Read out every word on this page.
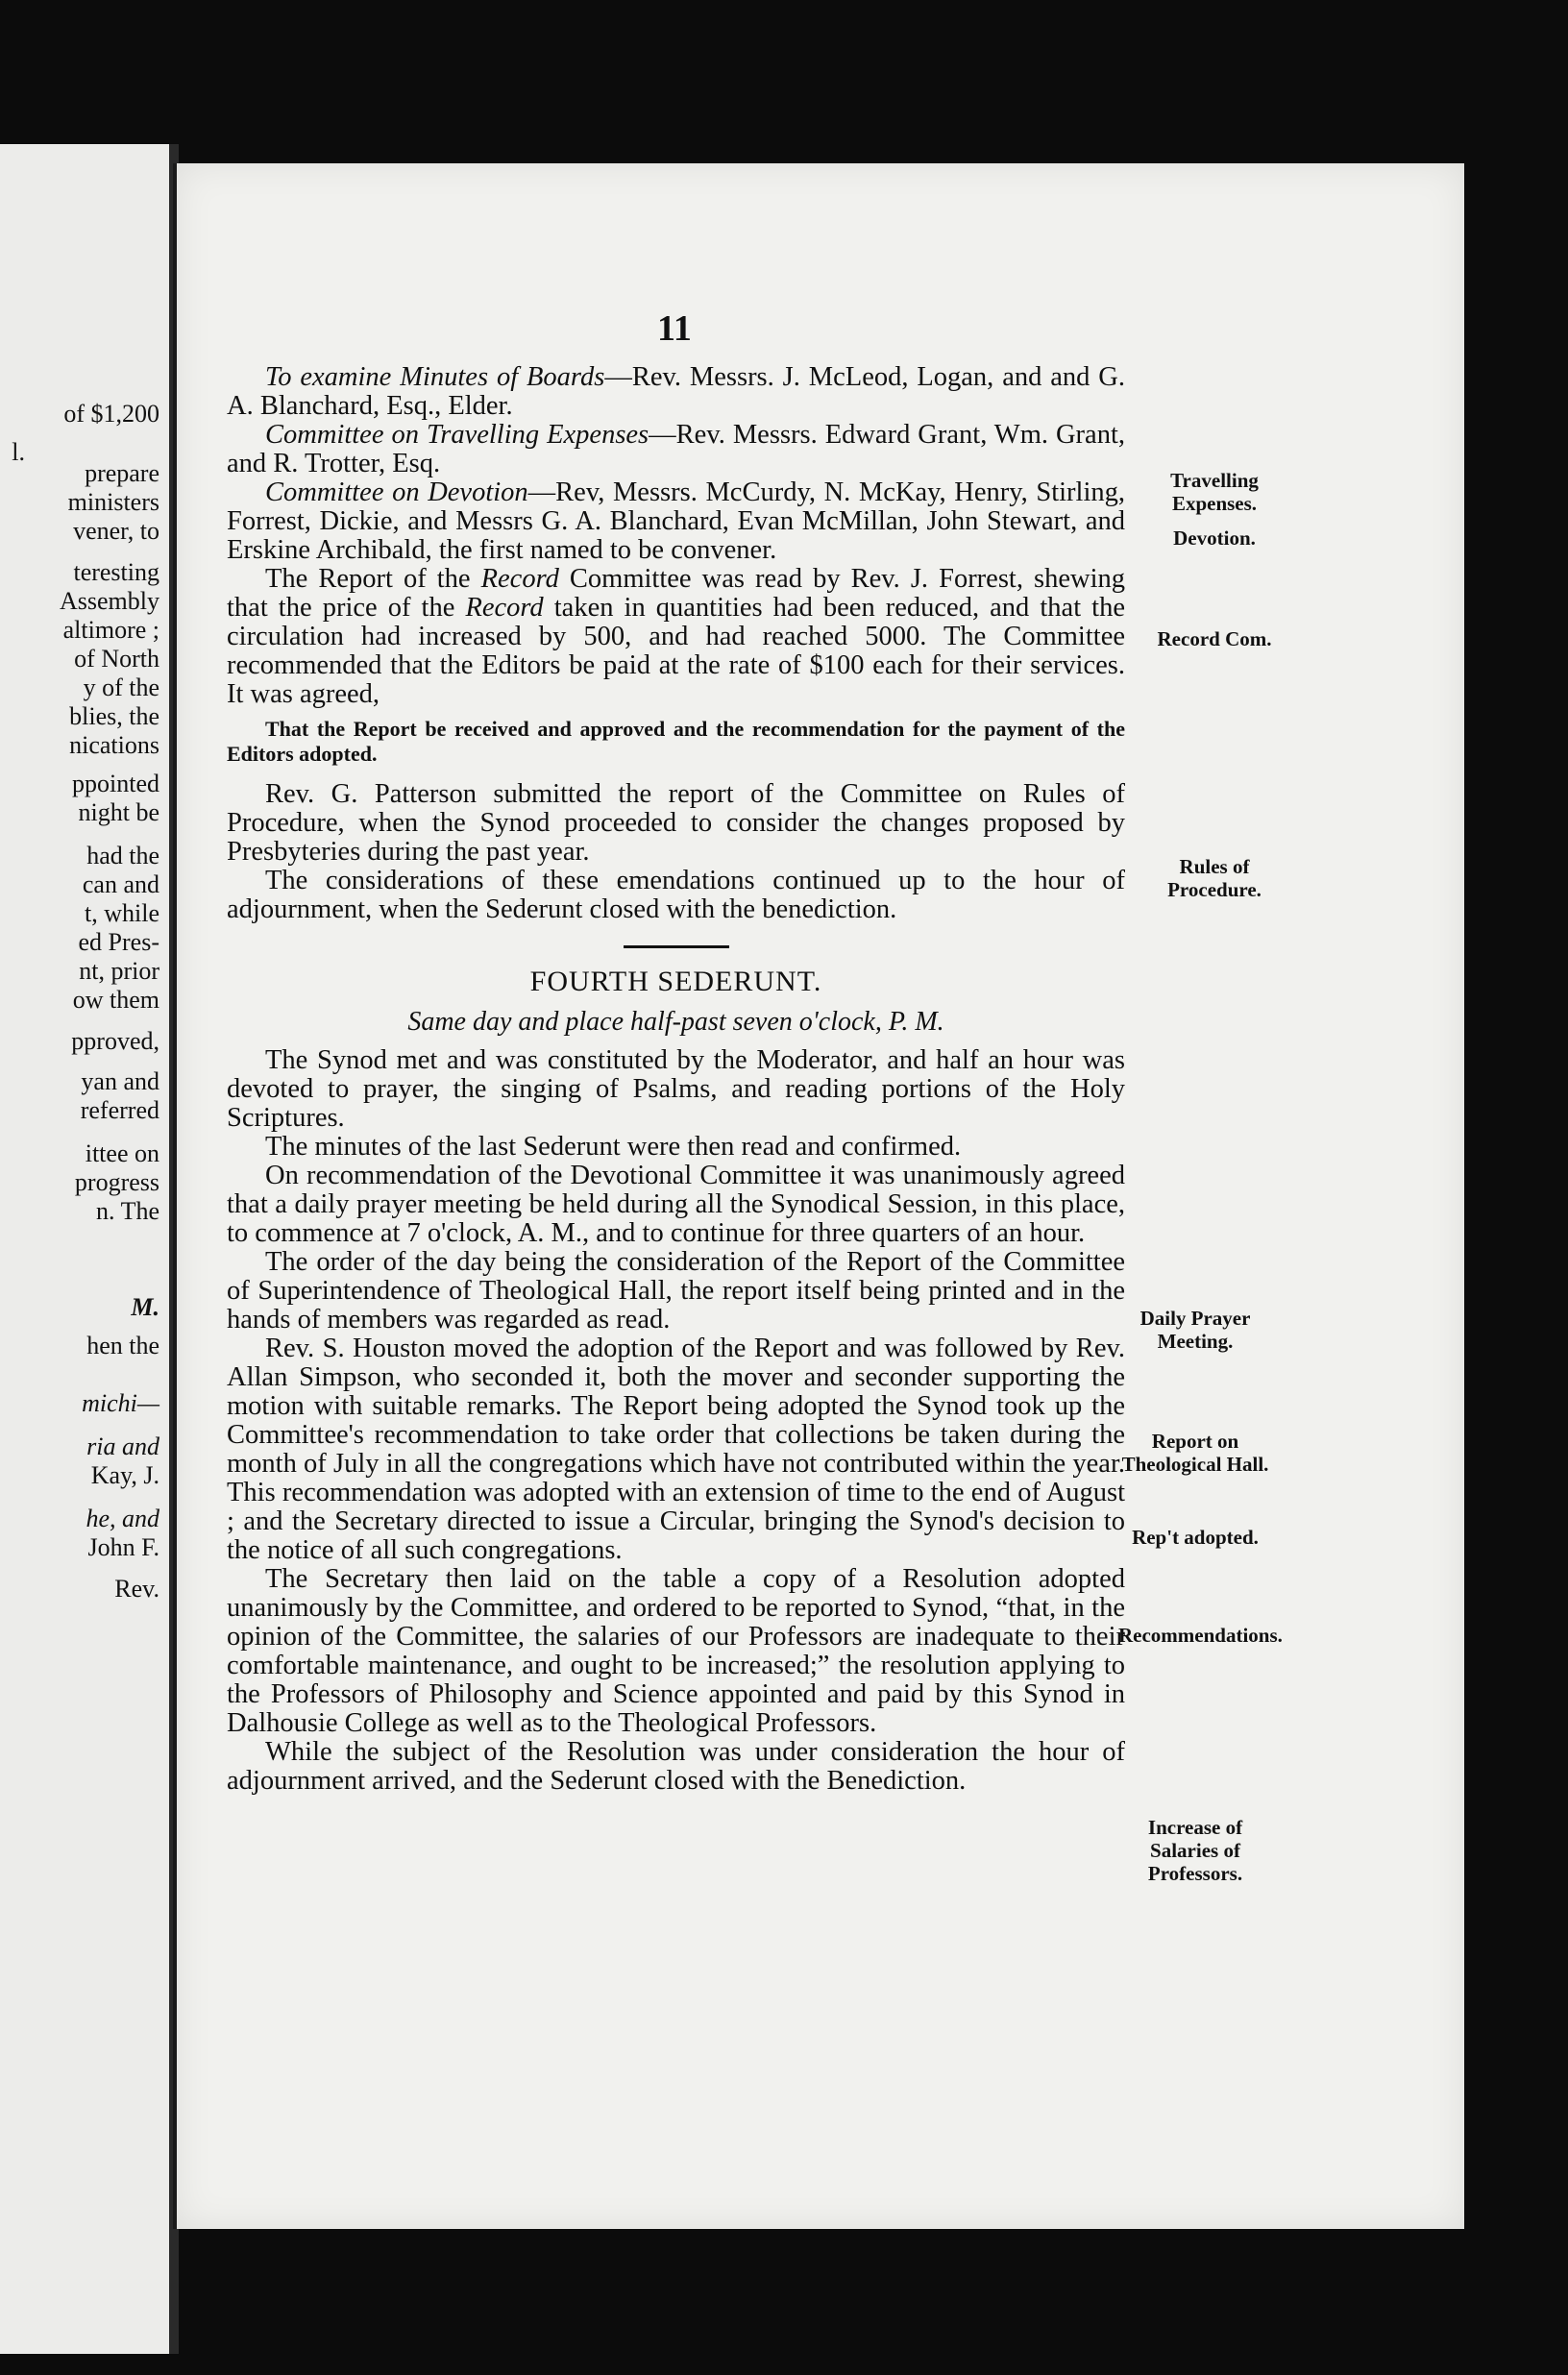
of $1,200
l.
prepare
ministers
vener, to
teresting
Assembly
altimore ;
of North
y of the
blies, the
nications
ppointed
night be
had the
can and
t, while
ed Pres-
nt, prior
ow them
pproved,
yan and
referred
ittee on
progress
n. The
M.
hen the
michi—
ria and
Kay, J.
he, and
John F.
Rev.
11

To examine Minutes of Boards—Rev. Messrs. J. McLeod, Logan, and and G. A. Blanchard, Esq., Elder.

Committee on Travelling Expenses—Rev. Messrs. Edward Grant, Wm. Grant, and R. Trotter, Esq.

Committee on Devotion—Rev, Messrs. McCurdy, N. McKay, Henry, Stirling, Forrest, Dickie, and Messrs G. A. Blanchard, Evan McMillan, John Stewart, and Erskine Archibald, the first named to be convener.

The Report of the Record Committee was read by Rev. J. Forrest, shewing that the price of the Record taken in quantities had been reduced, and that the circulation had increased by 500, and had reached 5000. The Committee recommended that the Editors be paid at the rate of $100 each for their services. It was agreed,

That the Report be received and approved and the recommendation for the payment of the Editors adopted.

Rev. G. Patterson submitted the report of the Committee on Rules of Procedure, when the Synod proceeded to consider the changes proposed by Presbyteries during the past year.

The considerations of these emendations continued up to the hour of adjournment, when the Sederunt closed with the benediction.

FOURTH SEDERUNT.
Same day and place half-past seven o'clock, P. M.

The Synod met and was constituted by the Moderator, and half an hour was devoted to prayer, the singing of Psalms, and reading portions of the Holy Scriptures.

The minutes of the last Sederunt were then read and confirmed.

On recommendation of the Devotional Committee it was unanimously agreed that a daily prayer meeting be held during all the Synodical Session, in this place, to commence at 7 o'clock, A. M., and to continue for three quarters of an hour.

The order of the day being the consideration of the Report of the Committee of Superintendence of Theological Hall, the report itself being printed and in the hands of members was regarded as read.

Rev. S. Houston moved the adoption of the Report and was followed by Rev. Allan Simpson, who seconded it, both the mover and seconder supporting the motion with suitable remarks. The Report being adopted the Synod took up the Committee's recommendation to take order that collections be taken during the month of July in all the congregations which have not contributed within the year. This recommendation was adopted with an extension of time to the end of August ; and the Secretary directed to issue a Circular, bringing the Synod's decision to the notice of all such congregations.

The Secretary then laid on the table a copy of a Resolution adopted unanimously by the Committee, and ordered to be reported to Synod, “that, in the opinion of the Committee, the salaries of our Professors are inadequate to their comfortable maintenance, and ought to be increased;” the resolution applying to the Professors of Philosophy and Science appointed and paid by this Synod in Dalhousie College as well as to the Theological Professors.

While the subject of the Resolution was under consideration the hour of adjournment arrived, and the Sederunt closed with the Benediction.

Travelling Expenses.
Devotion.
Record Com.
Rules of Procedure.
Daily Prayer Meeting.
Report on Theological Hall.
Rep't adopted.
Recommendations.
Increase of Salaries of Professors.
